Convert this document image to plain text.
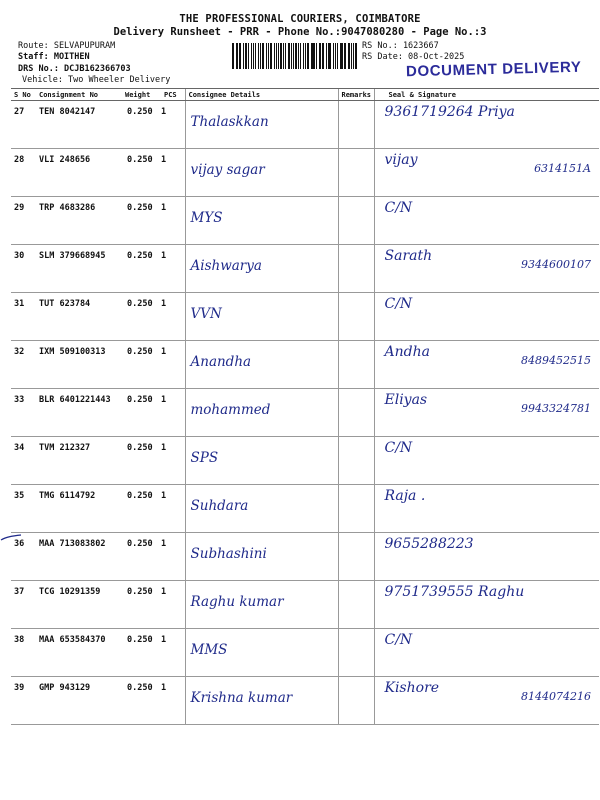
THE PROFESSIONAL COURIERS, COIMBATORE
Delivery Runsheet - PRR - Phone No.:9047080280 - Page No.:3
Route: SELVAPUPURAM
Staff: MOITHEN
DRS No.: DCJB162366703
Vehicle: Two Wheeler Delivery
RS No.: 1623667
RS Date: 08-Oct-2025
DOCUMENT DELIVERY
S No	Consignment No	Weight	PCS	Consignee Details	Remarks	Seal & Signature
27	TEN 8042147	0.250	1	Thalaskkan		9361719264 Priya

28	VLI 248656	0.250	1	vijay sagar		vijay
6314151A

29	TRP 4683286	0.250	1	MYS		C/N

30	SLM 379668945	0.250	1	Aishwarya		Sarath
9344600107

31	TUT 623784	0.250	1	VVN		C/N

32	IXM 509100313	0.250	1	Anandha		Andha
8489452515

33	BLR 6401221443	0.250	1	mohammed		Eliyas
9943324781

34	TVM 212327	0.250	1	SPS		C/N

35	TMG 6114792	0.250	1	Suhdara		Raja .

36	MAA 713083802	0.250	1	Subhashini		9655288223

37	TCG 10291359	0.250	1	Raghu kumar		9751739555 Raghu

38	MAA 653584370	0.250	1	MMS		C/N

39	GMP 943129	0.250	1	Krishna kumar		Kishore
8144074216
